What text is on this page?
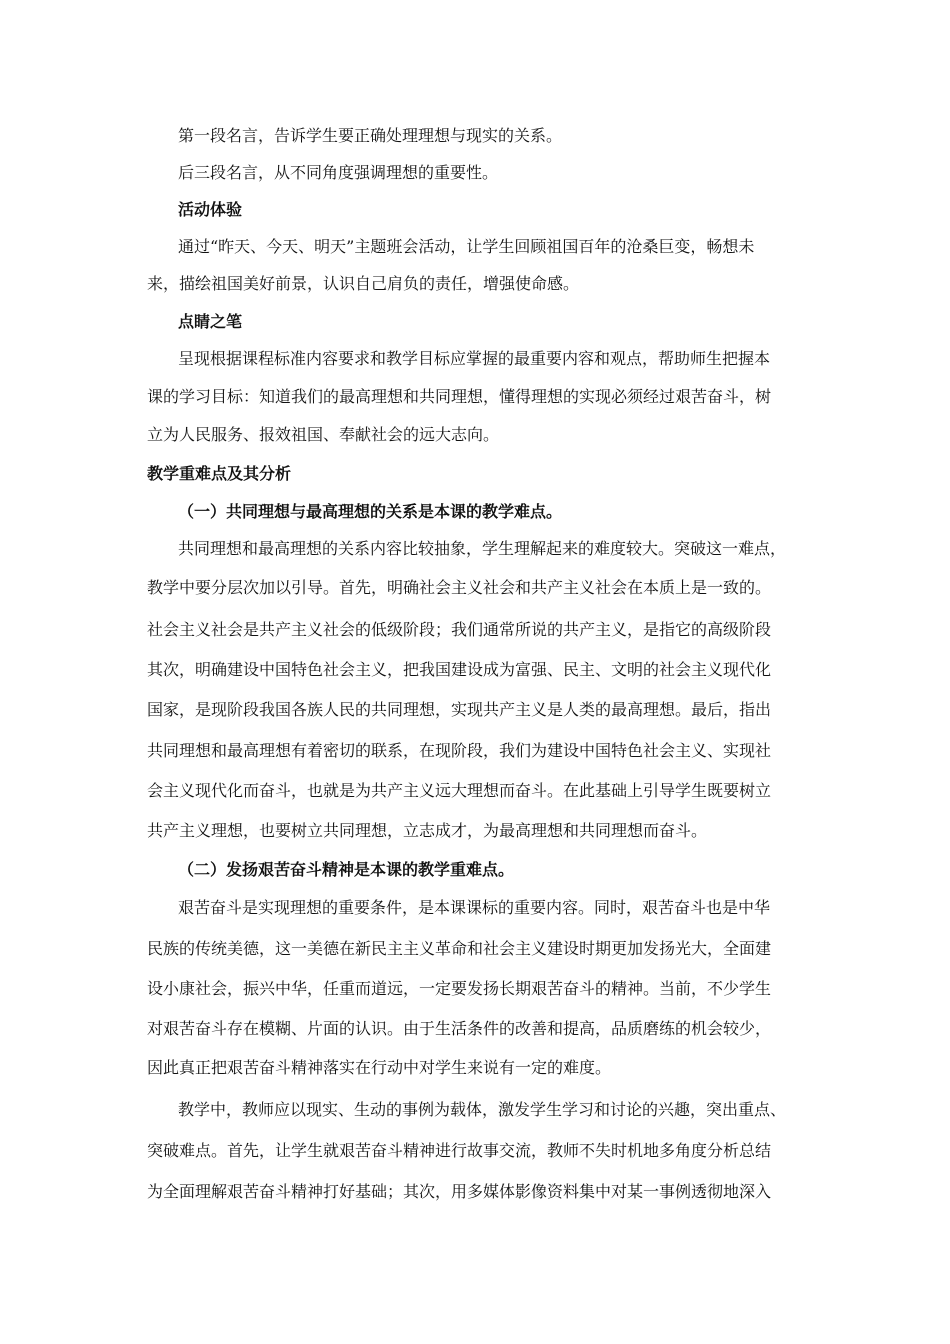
第一段名言，告诉学生要正确处理理想与现实的关系。
后三段名言，从不同角度强调理想的重要性。
活动体验
通过“昨天、今天、明天”主题班会活动，让学生回顾祖国百年的沧桑巨变，畅想未
来，描绘祖国美好前景，认识自己肩负的责任，增强使命感。
点睛之笔
呈现根据课程标准内容要求和教学目标应掌握的最重要内容和观点，帮助师生把握本
课的学习目标：知道我们的最高理想和共同理想，懂得理想的实现必须经过艰苦奋斗，树
立为人民服务、报效祖国、奉献社会的远大志向。
教学重难点及其分析
（一）共同理想与最高理想的关系是本课的教学难点。
共同理想和最高理想的关系内容比较抽象，学生理解起来的难度较大。突破这一难点，
教学中要分层次加以引导。首先，明确社会主义社会和共产主义社会在本质上是一致的。
社会主义社会是共产主义社会的低级阶段；我们通常所说的共产主义，是指它的高级阶段
其次，明确建设中国特色社会主义，把我国建设成为富强、民主、文明的社会主义现代化
国家，是现阶段我国各族人民的共同理想，实现共产主义是人类的最高理想。最后，指出
共同理想和最高理想有着密切的联系，在现阶段，我们为建设中国特色社会主义、实现社
会主义现代化而奋斗，也就是为共产主义远大理想而奋斗。在此基础上引导学生既要树立
共产主义理想，也要树立共同理想，立志成才，为最高理想和共同理想而奋斗。
（二）发扬艰苦奋斗精神是本课的教学重难点。
艰苦奋斗是实现理想的重要条件，是本课课标的重要内容。同时，艰苦奋斗也是中华
民族的传统美德，这一美德在新民主主义革命和社会主义建设时期更加发扬光大，全面建
设小康社会，振兴中华，任重而道远，一定要发扬长期艰苦奋斗的精神。当前，不少学生
对艰苦奋斗存在模糊、片面的认识。由于生活条件的改善和提高，品质磨练的机会较少，
因此真正把艰苦奋斗精神落实在行动中对学生来说有一定的难度。
教学中，教师应以现实、生动的事例为载体，激发学生学习和讨论的兴趣，突出重点、
突破难点。首先，让学生就艰苦奋斗精神进行故事交流，教师不失时机地多角度分析总结
为全面理解艰苦奋斗精神打好基础；其次，用多媒体影像资料集中对某一事例透彻地深入
